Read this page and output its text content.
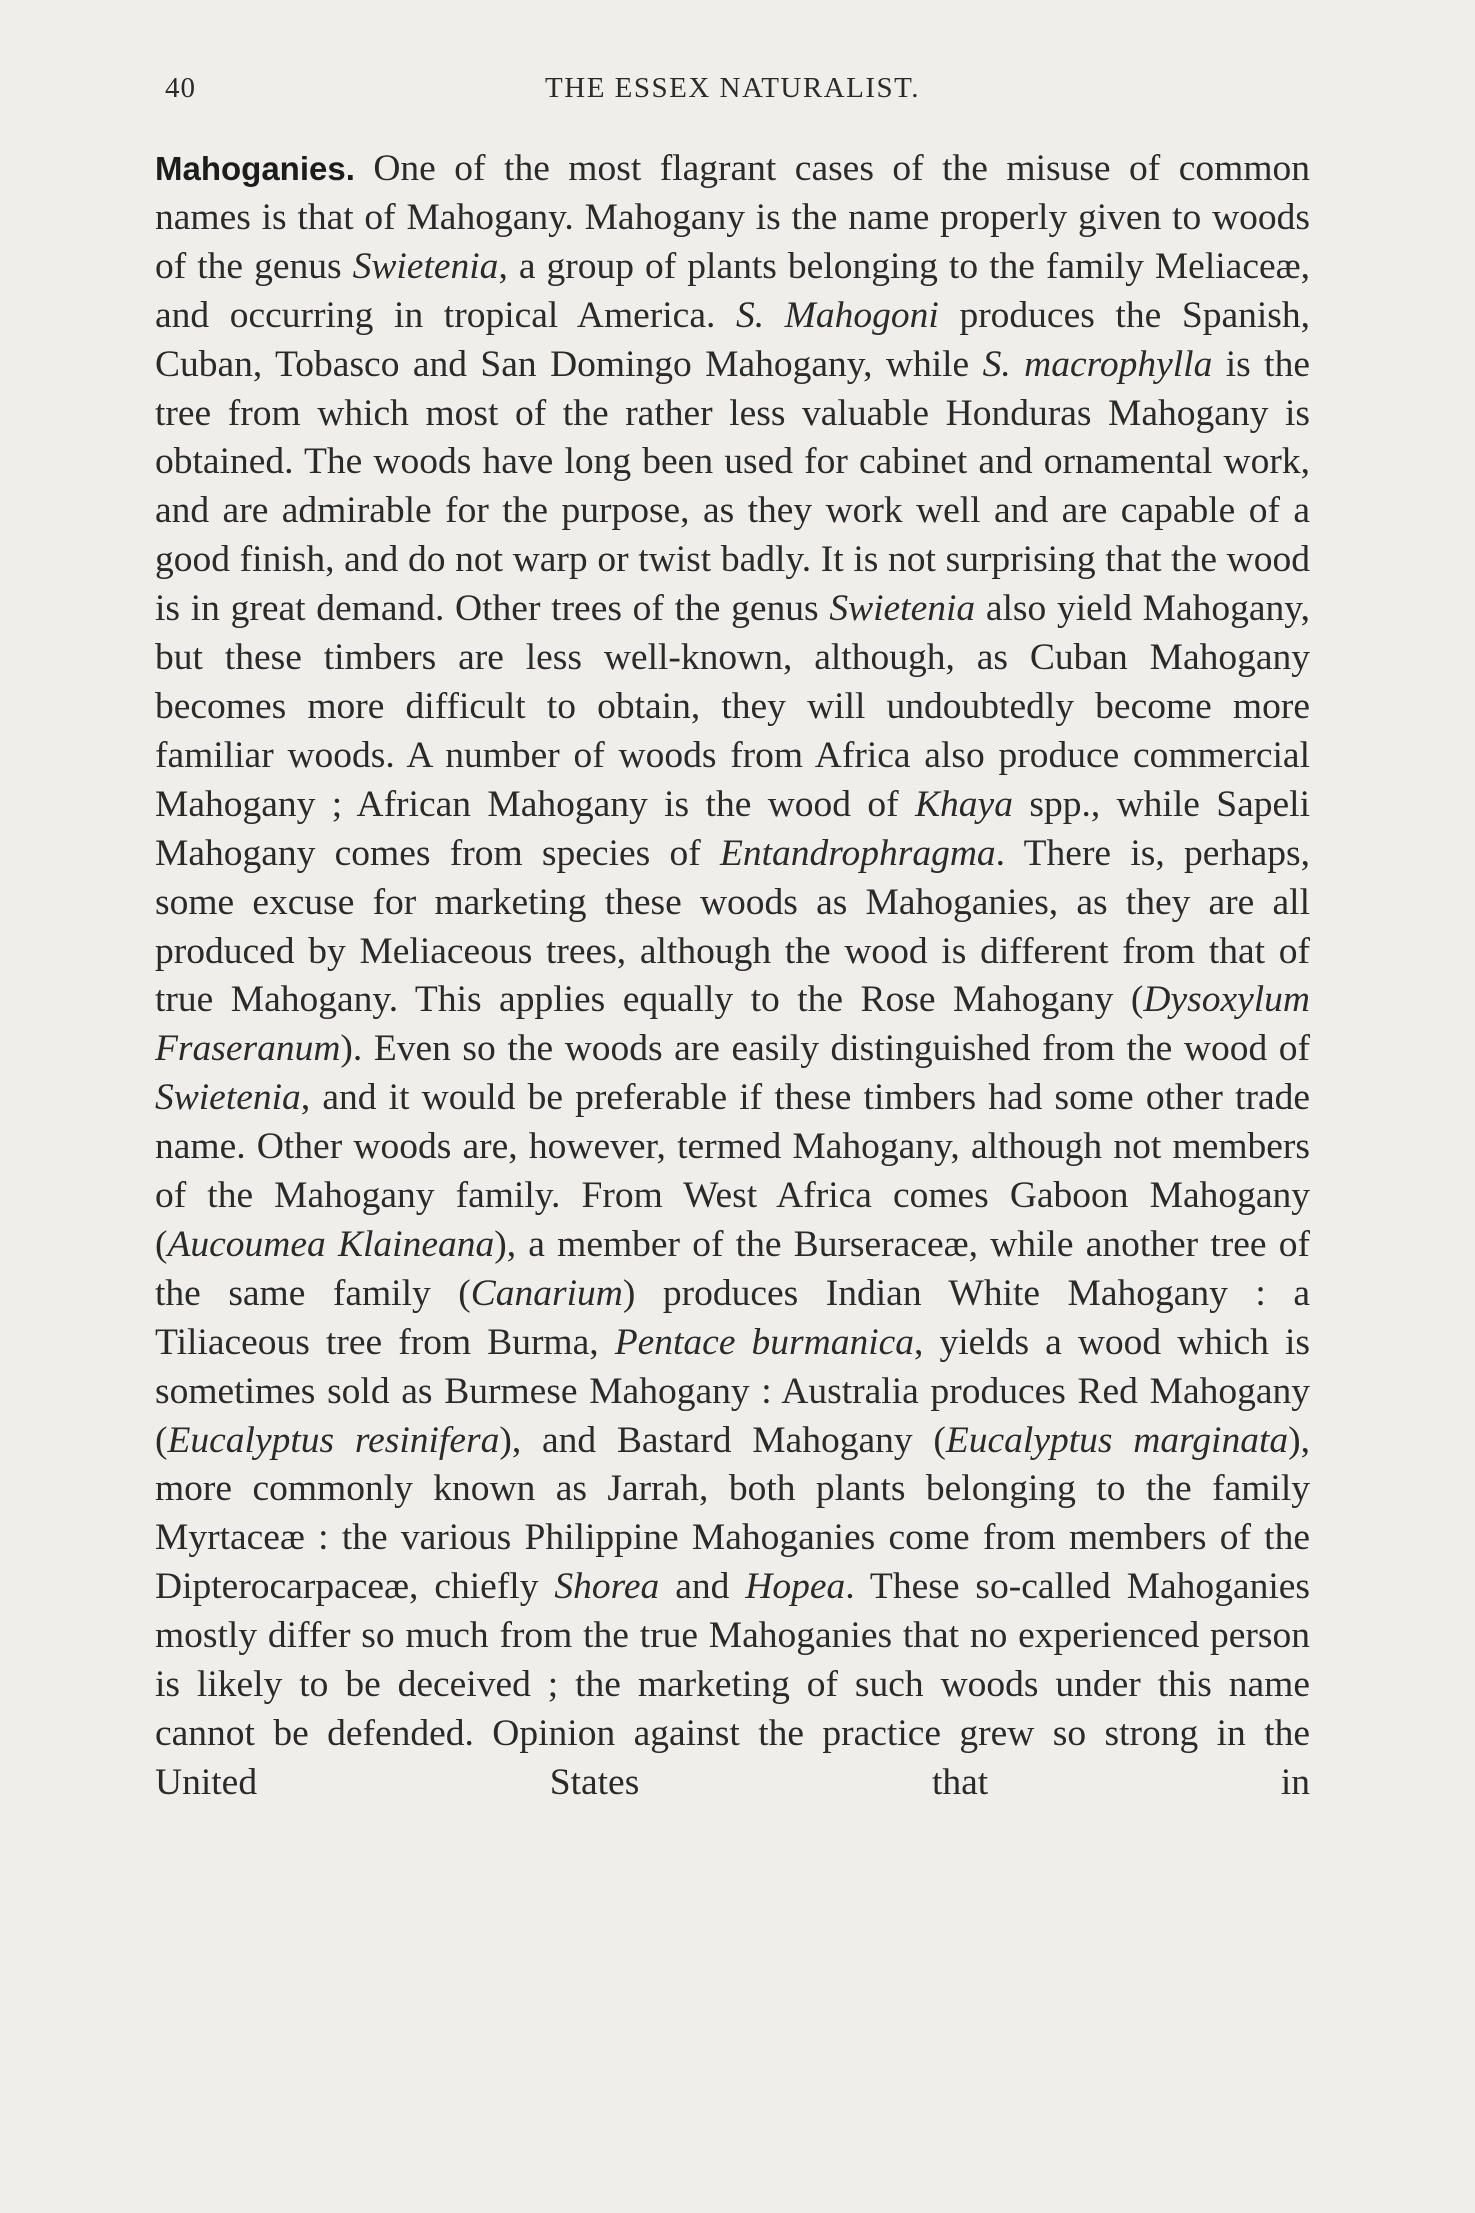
40	THE ESSEX NATURALIST.

Mahoganies. One of the most flagrant cases of the misuse of common names is that of Mahogany. Mahogany is the name properly given to woods of the genus Swietenia, a group of plants belonging to the family Meliaceæ, and occurring in tropical America. S. Mahogoni produces the Spanish, Cuban, Tobasco and San Domingo Mahogany, while S. macrophylla is the tree from which most of the rather less valuable Honduras Mahogany is obtained. The woods have long been used for cabinet and ornamental work, and are admirable for the purpose, as they work well and are capable of a good finish, and do not warp or twist badly. It is not surprising that the wood is in great demand. Other trees of the genus Swietenia also yield Mahogany, but these timbers are less well-known, although, as Cuban Mahogany becomes more difficult to obtain, they will undoubtedly become more familiar woods. A number of woods from Africa also produce commercial Mahogany ; African Mahogany is the wood of Khaya spp., while Sapeli Mahogany comes from species of Entandrophragma. There is, perhaps, some excuse for marketing these woods as Mahoganies, as they are all produced by Meliaceous trees, although the wood is different from that of true Mahogany. This applies equally to the Rose Mahogany (Dysoxylum Fraseranum). Even so the woods are easily distinguished from the wood of Swietenia, and it would be preferable if these timbers had some other trade name. Other woods are, however, termed Mahogany, although not members of the Mahogany family. From West Africa comes Gaboon Mahogany (Aucoumea Klaineana), a member of the Burseraceæ, while another tree of the same family (Canarium) produces Indian White Mahogany : a Tiliaceous tree from Burma, Pentace burmanica, yields a wood which is sometimes sold as Burmese Mahogany : Australia produces Red Mahogany (Eucalyptus resinifera), and Bastard Mahogany (Eucalyptus marginata), more commonly known as Jarrah, both plants belonging to the family Myrtaceæ : the various Philippine Mahoganies come from members of the Dipterocarpaceæ, chiefly Shorea and Hopea. These so-called Mahoganies mostly differ so much from the true Mahoganies that no experienced person is likely to be deceived ; the marketing of such woods under this name cannot be defended. Opinion against the practice grew so strong in the United States that in
